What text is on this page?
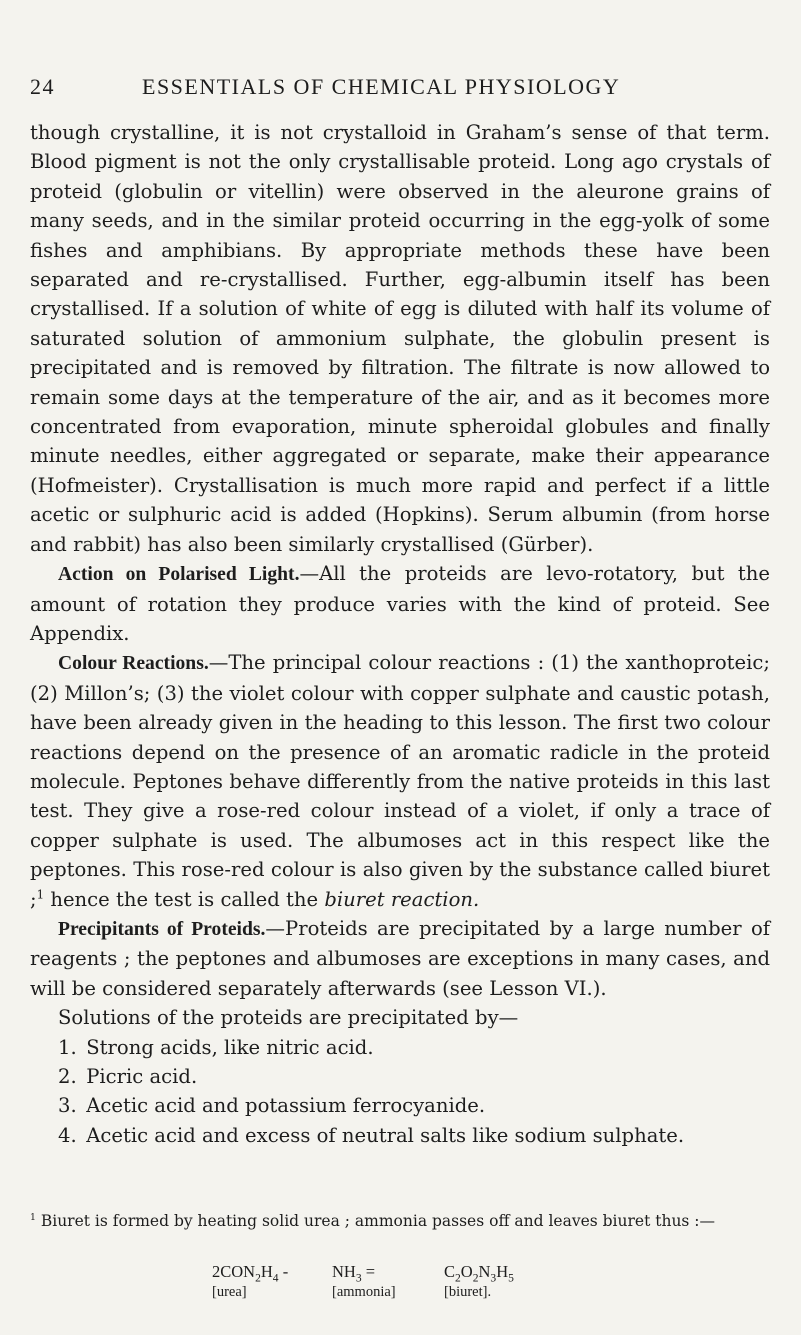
24	ESSENTIALS OF CHEMICAL PHYSIOLOGY

though crystalline, it is not crystalloid in Graham’s sense of that term. Blood pigment is not the only crystallisable proteid. Long ago crystals of proteid (globulin or vitellin) were observed in the aleurone grains of many seeds, and in the similar proteid occurring in the egg-yolk of some fishes and amphibians. By appropriate methods these have been separated and re-crystallised. Further, egg-albumin itself has been crystallised. If a solution of white of egg is diluted with half its volume of saturated solution of ammonium sulphate, the globulin present is precipitated and is removed by filtration. The filtrate is now allowed to remain some days at the temperature of the air, and as it becomes more concentrated from evaporation, minute spheroidal globules and finally minute needles, either aggregated or separate, make their appearance (Hofmeister). Crystallisation is much more rapid and perfect if a little acetic or sulphuric acid is added (Hopkins). Serum albumin (from horse and rabbit) has also been similarly crystallised (Gürber).

Action on Polarised Light.—All the proteids are levo-rotatory, but the amount of rotation they produce varies with the kind of proteid. See Appendix.

Colour Reactions.—The principal colour reactions : (1) the xanthoproteic; (2) Millon’s; (3) the violet colour with copper sulphate and caustic potash, have been already given in the heading to this lesson. The first two colour reactions depend on the presence of an aromatic radicle in the proteid molecule. Peptones behave differently from the native proteids in this last test. They give a rose-red colour instead of a violet, if only a trace of copper sulphate is used. The albumoses act in this respect like the peptones. This rose-red colour is also given by the substance called biuret ;$^1$ hence the test is called the biuret reaction.

Precipitants of Proteids.—Proteids are precipitated by a large number of reagents ; the peptones and albumoses are exceptions in many cases, and will be considered separately afterwards (see Lesson VI.).

Solutions of the proteids are precipitated by—

1. Strong acids, like nitric acid.
2. Picric acid.
3. Acetic acid and potassium ferrocyanide.
4. Acetic acid and excess of neutral salts like sodium sulphate.
$^1$ Biuret is formed by heating solid urea ; ammonia passes off and leaves biuret thus :—
$2CON_2H_4$ -	$NH_3$ =	$C_2O_2N_3H_5$
[urea]	[ammonia]	[biuret].
